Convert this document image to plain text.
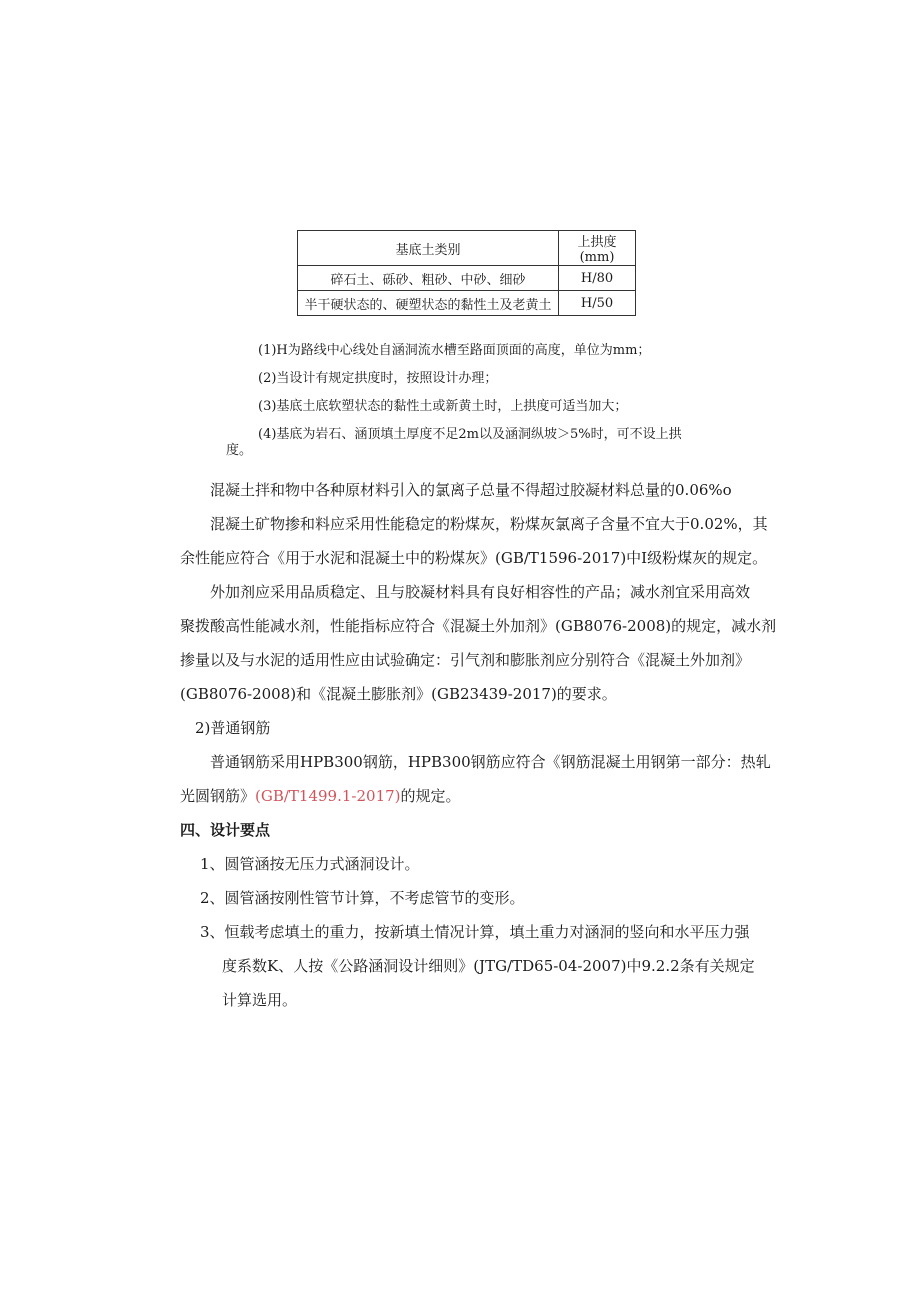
基底土类别	上拱度(mm)
碎石土、砾砂、粗砂、中砂、细砂	H/80
半干硬状态的、硬塑状态的黏性土及老黄土	H/50
(1)H为路线中心线处自涵洞流水槽至路面顶面的高度，单位为mm；
(2)当设计有规定拱度时，按照设计办理；
(3)基底土底软塑状态的黏性土或新黄土时，上拱度可适当加大；
(4)基底为岩石、涵顶填土厚度不足2m以及涵洞纵坡＞5%时，可不设上拱
度。
混凝土拌和物中各种原材料引入的氯离子总量不得超过胶凝材料总量的0.06%o
混凝土矿物掺和料应采用性能稳定的粉煤灰，粉煤灰氯离子含量不宜大于0.02%，其
余性能应符合《用于水泥和混凝土中的粉煤灰》(GB/T1596-2017)中I级粉煤灰的规定。
外加剂应采用品质稳定、且与胶凝材料具有良好相容性的产品；减水剂宜采用高效
聚拨酸高性能减水剂，性能指标应符合《混凝土外加剂》(GB8076-2008)的规定，减水剂
掺量以及与水泥的适用性应由试验确定：引气剂和膨胀剂应分别符合《混凝土外加剂》
(GB8076-2008)和《混凝土膨胀剂》(GB23439-2017)的要求。
2)普通钢筋
普通钢筋采用HPB300钢筋，HPB300钢筋应符合《钢筋混凝土用钢第一部分：热轧
光圆钢筋》(GB/T1499.1-2017)的规定。
四、设计要点
1、圆管涵按无压力式涵洞设计。
2、圆管涵按刚性管节计算，不考虑管节的变形。
3、恒载考虑填土的重力，按新填土情况计算，填土重力对涵洞的竖向和水平压力强
度系数K、人按《公路涵洞设计细则》(JTG/TD65-04-2007)中9.2.2条有关规定
计算选用。
